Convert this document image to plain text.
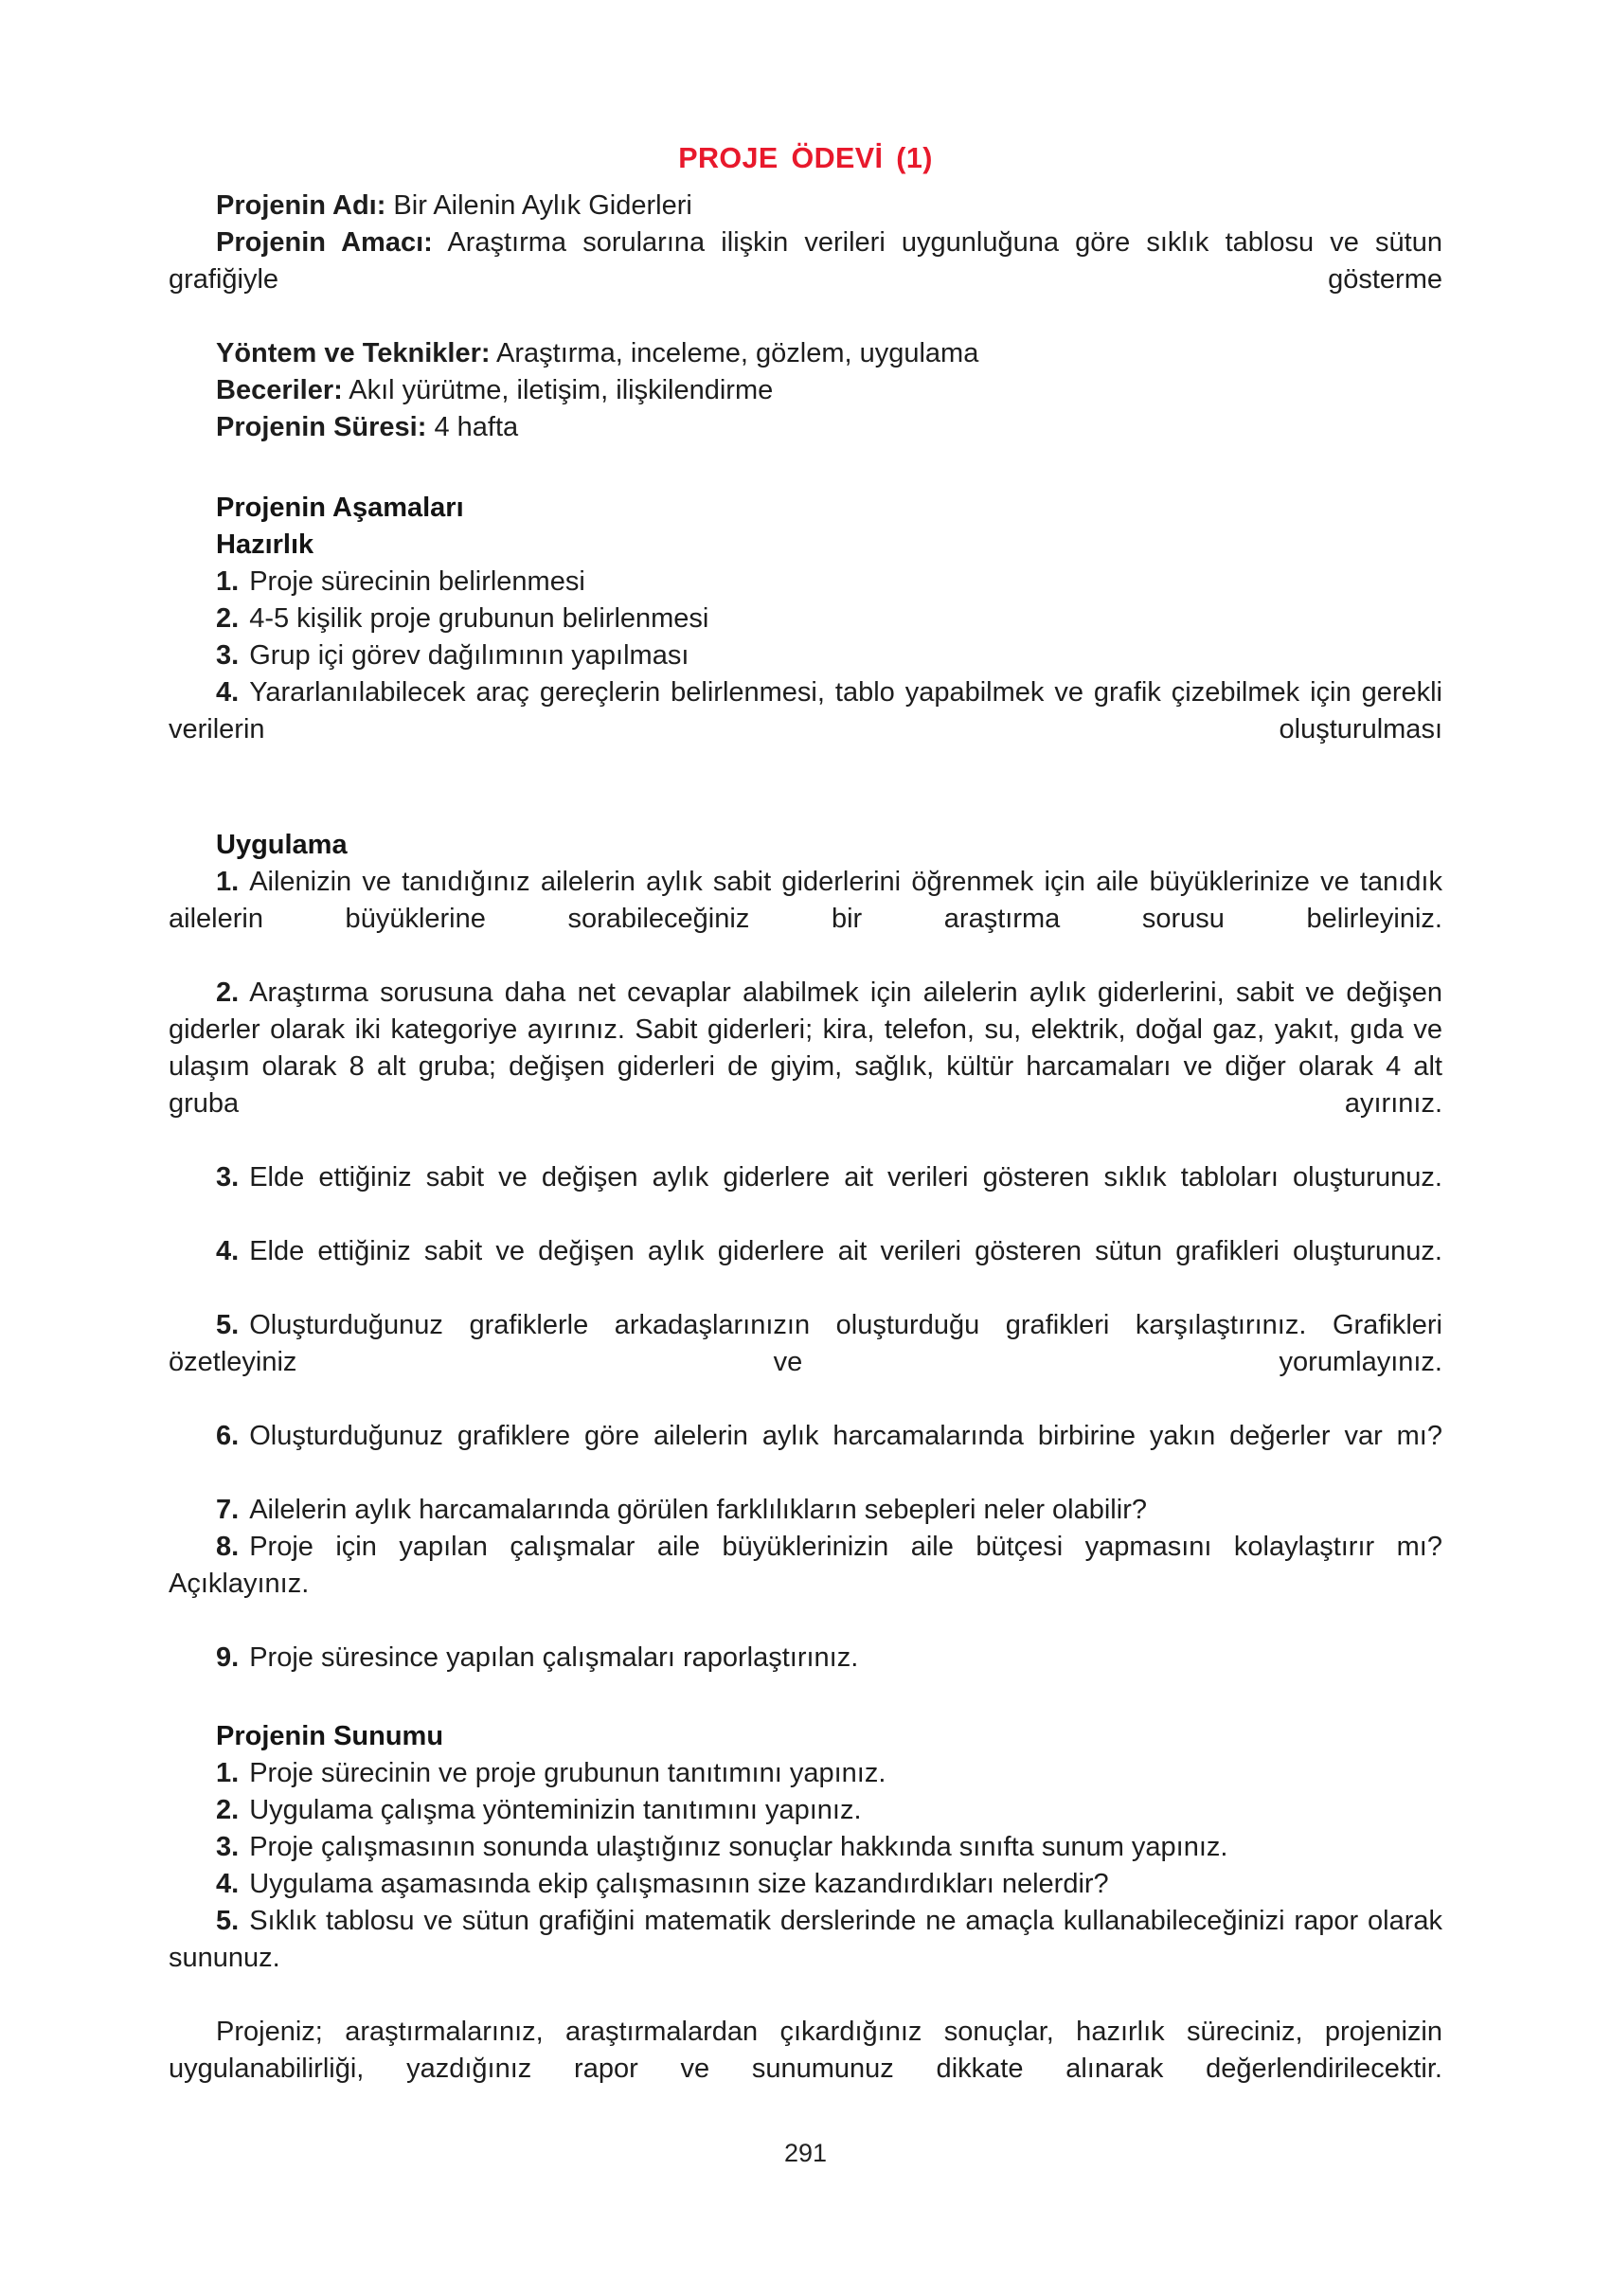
PROJE ÖDEVİ (1)

Projenin Adı: Bir Ailenin Aylık Giderleri

Projenin Amacı: Araştırma sorularına ilişkin verileri uygunluğuna göre sıklık tablosu ve sütun grafiğiyle gösterme

Yöntem ve Teknikler: Araştırma, inceleme, gözlem, uygulama

Beceriler: Akıl yürütme, iletişim, ilişkilendirme

Projenin Süresi: 4 hafta

Projenin Aşamaları
Hazırlık

1. Proje sürecinin belirlenmesi

2. 4-5 kişilik proje grubunun belirlenmesi

3. Grup içi görev dağılımının yapılması

4. Yararlanılabilecek araç gereçlerin belirlenmesi, tablo yapabilmek ve grafik çizebilmek için gerekli verilerin oluşturulması

Uygulama

1. Ailenizin ve tanıdığınız ailelerin aylık sabit giderlerini öğrenmek için aile büyüklerinize ve tanıdık ailelerin büyüklerine sorabileceğiniz bir araştırma sorusu belirleyiniz.

2. Araştırma sorusuna daha net cevaplar alabilmek için ailelerin aylık giderlerini, sabit ve değişen giderler olarak iki kategoriye ayırınız. Sabit giderleri; kira, telefon, su, elektrik, doğal gaz, yakıt, gıda ve ulaşım olarak 8 alt gruba; değişen giderleri de giyim, sağlık, kültür harcamaları ve diğer olarak 4 alt gruba ayırınız.

3. Elde ettiğiniz sabit ve değişen aylık giderlere ait verileri gösteren sıklık tabloları oluşturunuz.

4. Elde ettiğiniz sabit ve değişen aylık giderlere ait verileri gösteren sütun grafikleri oluşturunuz.

5. Oluşturduğunuz grafiklerle arkadaşlarınızın oluşturduğu grafikleri karşılaştırınız. Grafikleri özetleyiniz ve yorumlayınız.

6. Oluşturduğunuz grafiklere göre ailelerin aylık harcamalarında birbirine yakın değerler var mı?

7. Ailelerin aylık harcamalarında görülen farklılıkların sebepleri neler olabilir?

8. Proje için yapılan çalışmalar aile büyüklerinizin aile bütçesi yapmasını kolaylaştırır mı? Açıklayınız.

9. Proje süresince yapılan çalışmaları raporlaştırınız.

Projenin Sunumu

1. Proje sürecinin ve proje grubunun tanıtımını yapınız.

2. Uygulama çalışma yönteminizin tanıtımını yapınız.

3. Proje çalışmasının sonunda ulaştığınız sonuçlar hakkında sınıfta sunum yapınız.

4. Uygulama aşamasında ekip çalışmasının size kazandırdıkları nelerdir?

5. Sıklık tablosu ve sütun grafiğini matematik derslerinde ne amaçla kullanabileceğinizi rapor olarak sununuz.

Projeniz; araştırmalarınız, araştırmalardan çıkardığınız sonuçlar, hazırlık süreciniz, projenizin uygulanabilirliği, yazdığınız rapor ve sunumunuz dikkate alınarak değerlendirilecektir.

291
